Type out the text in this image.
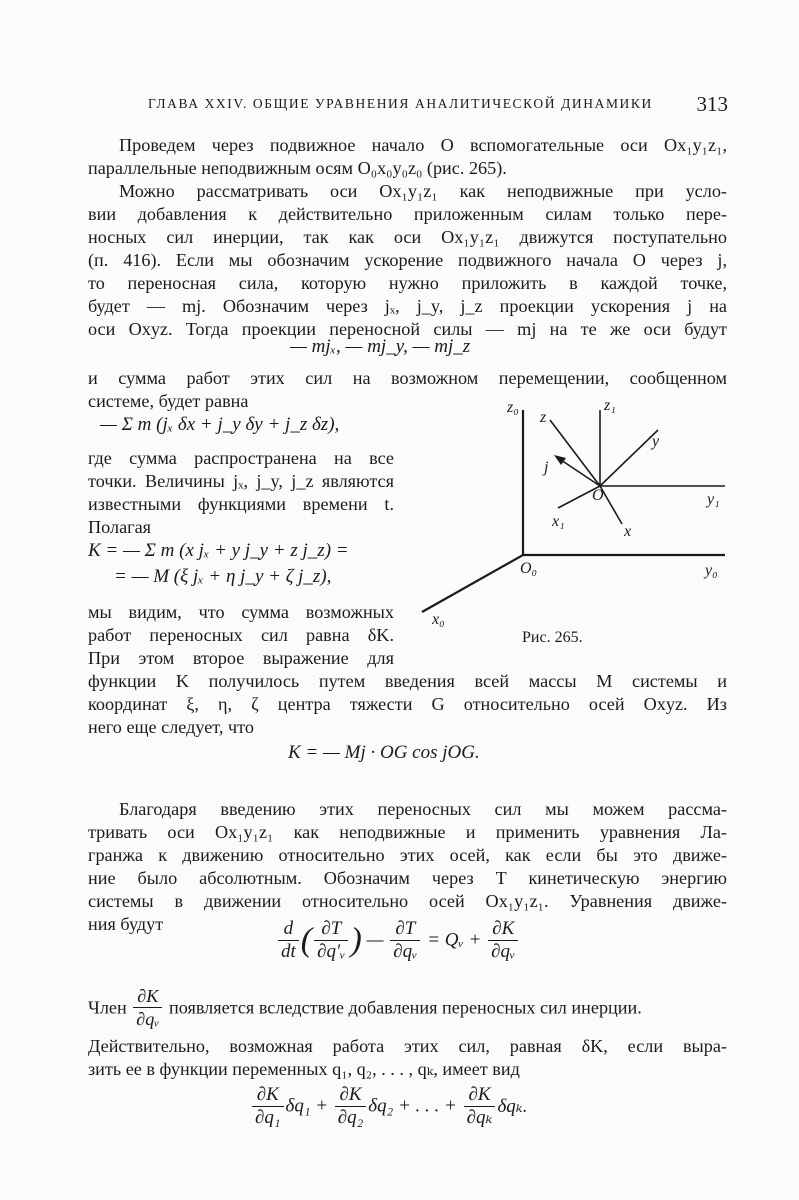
ГЛАВА XXIV. ОБЩИЕ УРАВНЕНИЯ АНАЛИТИЧЕСКОЙ ДИНАМИКИ 313
Проведем через подвижное начало O вспомогательные оси Ox₁y₁z₁,
параллельные неподвижным осям O₀x₀y₀z₀ (рис. 265).
Можно рассматривать оси Ox₁y₁z₁ как неподвижные при усло-
вии добавления к действительно приложенным силам только пере-
носных сил инерции, так как оси Ox₁y₁z₁ движутся поступательно
(п. 416). Если мы обозначим ускорение подвижного начала O через j,
то переносная сила, которую нужно приложить в каждой точке,
будет — mj. Обозначим через jₓ, j_y, j_z проекции ускорения j на
оси Oxyz. Тогда проекции переносной силы — mj на те же оси будут
— mjₓ, — mj_y, — mj_z
и сумма работ этих сил на возможном перемещении, сообщенном
системе, будет равна
— Σ m (jₓ δx + j_y δy + j_z δz),
где сумма распространена на все
точки. Величины jₓ, j_y, j_z являются
известными функциями времени t.
Полагая
K = — Σ m (x jₓ + y j_y + z j_z) =
= — M (ξ jₓ + η j_y + ζ j_z),
мы видим, что сумма возможных
работ переносных сил равна δK.
При этом второе выражение для
функции K получилось путем введения всей массы M системы и
координат ξ, η, ζ центра тяжести G относительно осей Oxyz. Из
него еще следует, что
K = — Mj · OG cos jOG.
Благодаря введению этих переносных сил мы можем рассма-
тривать оси Ox₁y₁z₁ как неподвижные и применить уравнения Ла-
гранжа к движению относительно этих осей, как если бы это движе-
ние было абсолютным. Обозначим через T кинетическую энергию
системы в движении относительно осей Ox₁y₁z₁. Уравнения движе-
ния будут	$\frac{d}{dt}$ ( $\frac{\partial T}{\text{∂q′ᵥ}}$ ) — $\frac{\partial T}{\text{∂qᵥ}}$ = Qᵥ + $\frac{\partial K}{\text{∂qᵥ}}$
Член $\frac{\partial K}{\text{∂qᵥ}}$ появляется вследствие добавления переносных сил инерции.
Действительно, возможная работа этих сил, равная δK, если выра-
зить ее в функции переменных q₁, q₂, . . . , qₖ, имеет вид
$\frac{\partial K}{\text{∂q₁}} \delta q_1 + \frac{\partial K}{\text{∂q₂}} \delta q_2$ + . . . + $\frac{\partial K}{\text{∂qₖ}} \delta q_k$.
z₀
y₀
x₀
O₀
z₁
y₁
x₁
z
y
x
O
j
Рис. 265.
